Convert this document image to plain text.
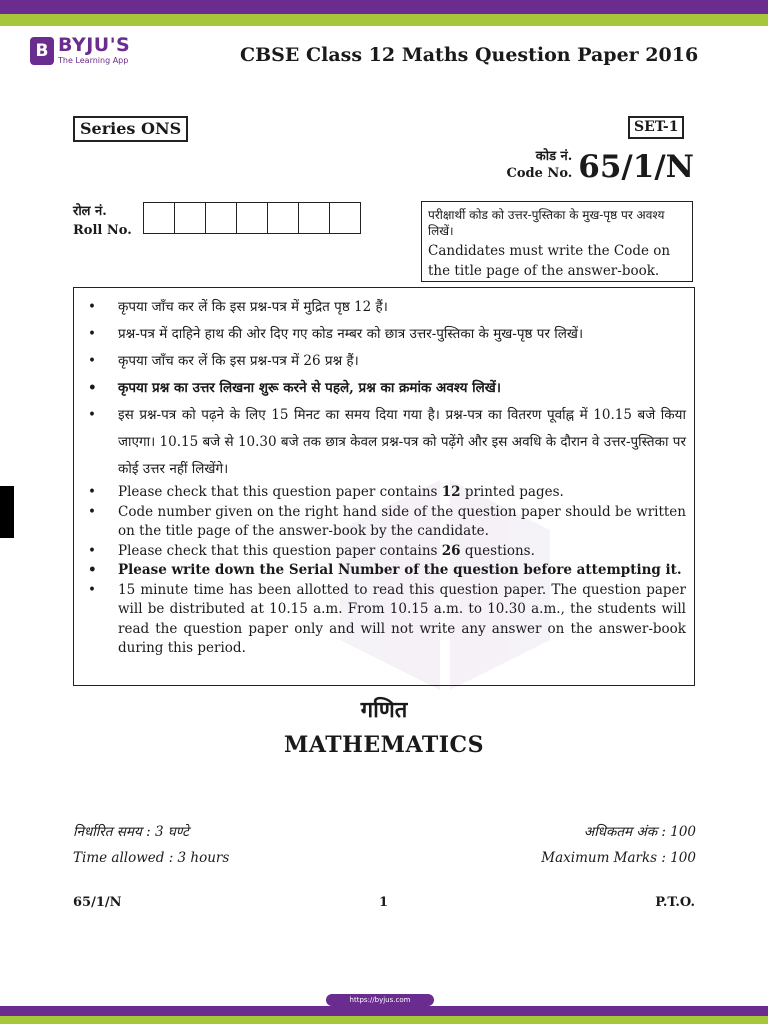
B BYJU'S
The Learning App	CBSE Class 12 Maths Question Paper 2016
Series ONS	SET-1
कोड नं.
Code No. 65/1/N
रोल नं.
Roll No.

परीक्षार्थी कोड को उत्तर-पुस्तिका के मुख-पृष्ठ पर अवश्य लिखें।

Candidates must write the Code on the title page of the answer-book.

• कृपया जाँच कर लें कि इस प्रश्न-पत्र में मुद्रित पृष्ठ 12 हैं।
• प्रश्न-पत्र में दाहिने हाथ की ओर दिए गए कोड नम्बर को छात्र उत्तर-पुस्तिका के मुख-पृष्ठ पर लिखें।
• कृपया जाँच कर लें कि इस प्रश्न-पत्र में 26 प्रश्न हैं।
• कृपया प्रश्न का उत्तर लिखना शुरू करने से पहले, प्रश्न का क्रमांक अवश्य लिखें।
• इस प्रश्न-पत्र को पढ़ने के लिए 15 मिनट का समय दिया गया है। प्रश्न-पत्र का वितरण पूर्वाह्न में 10.15 बजे किया जाएगा। 10.15 बजे से 10.30 बजे तक छात्र केवल प्रश्न-पत्र को पढ़ेंगे और इस अवधि के दौरान वे उत्तर-पुस्तिका पर कोई उत्तर नहीं लिखेंगे।
• Please check that this question paper contains 12 printed pages.
• Code number given on the right hand side of the question paper should be written on the title page of the answer-book by the candidate.
• Please check that this question paper contains 26 questions.
• Please write down the Serial Number of the question before attempting it.
• 15 minute time has been allotted to read this question paper. The question paper will be distributed at 10.15 a.m. From 10.15 a.m. to 10.30 a.m., the students will read the question paper only and will not write any answer on the answer-book during this period.
गणित
MATHEMATICS
निर्धारित समय : 3 घण्टे	अधिकतम अंक : 100
Time allowed : 3 hours	Maximum Marks : 100
65/1/N	1	P.T.O.
https://byjus.com
